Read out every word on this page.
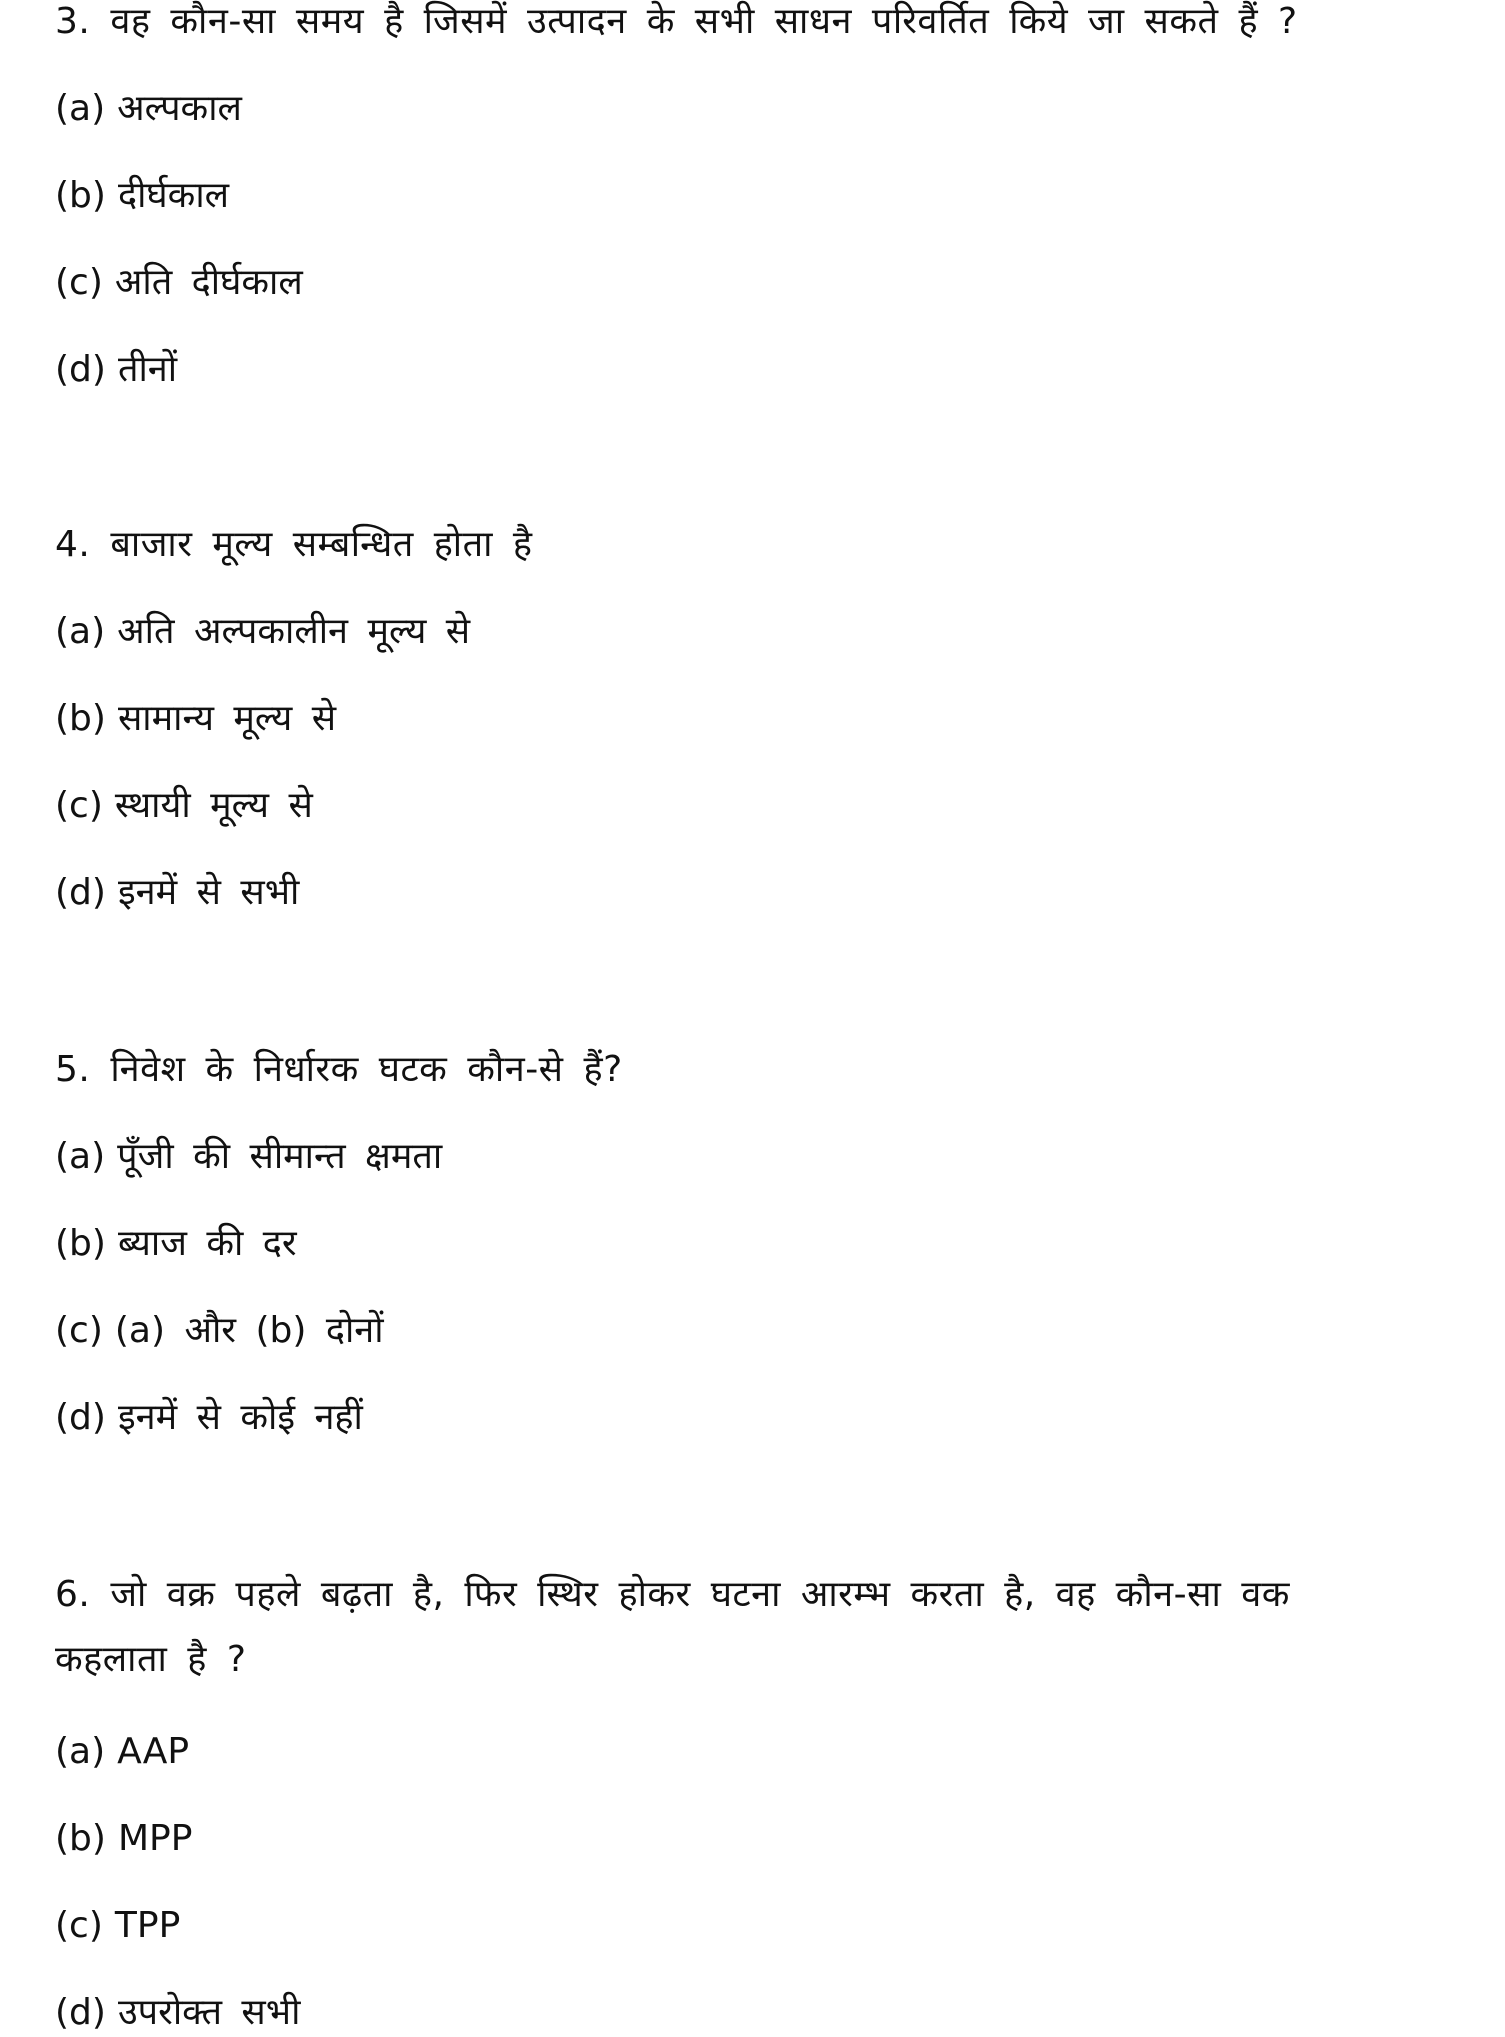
3. वह कौन-सा समय है जिसमें उत्पादन के सभी साधन परिवर्तित किये जा सकते हैं ?
(a) अल्पकाल
(b) दीर्घकाल
(c) अति दीर्घकाल
(d) तीनों
4. बाजार मूल्य सम्बन्धित होता है
(a) अति अल्पकालीन मूल्य से
(b) सामान्य मूल्य से
(c) स्थायी मूल्य से
(d) इनमें से सभी
5. निवेश के निर्धारक घटक कौन-से हैं?
(a) पूँजी की सीमान्त क्षमता
(b) ब्याज की दर
(c) (a) और (b) दोनों
(d) इनमें से कोई नहीं
6. जो वक्र पहले बढ़ता है, फिर स्थिर होकर घटना आरम्भ करता है, वह कौन-सा वक
कहलाता है ?
(a) AAP
(b) MPP
(c) TPP
(d) उपरोक्त सभी
